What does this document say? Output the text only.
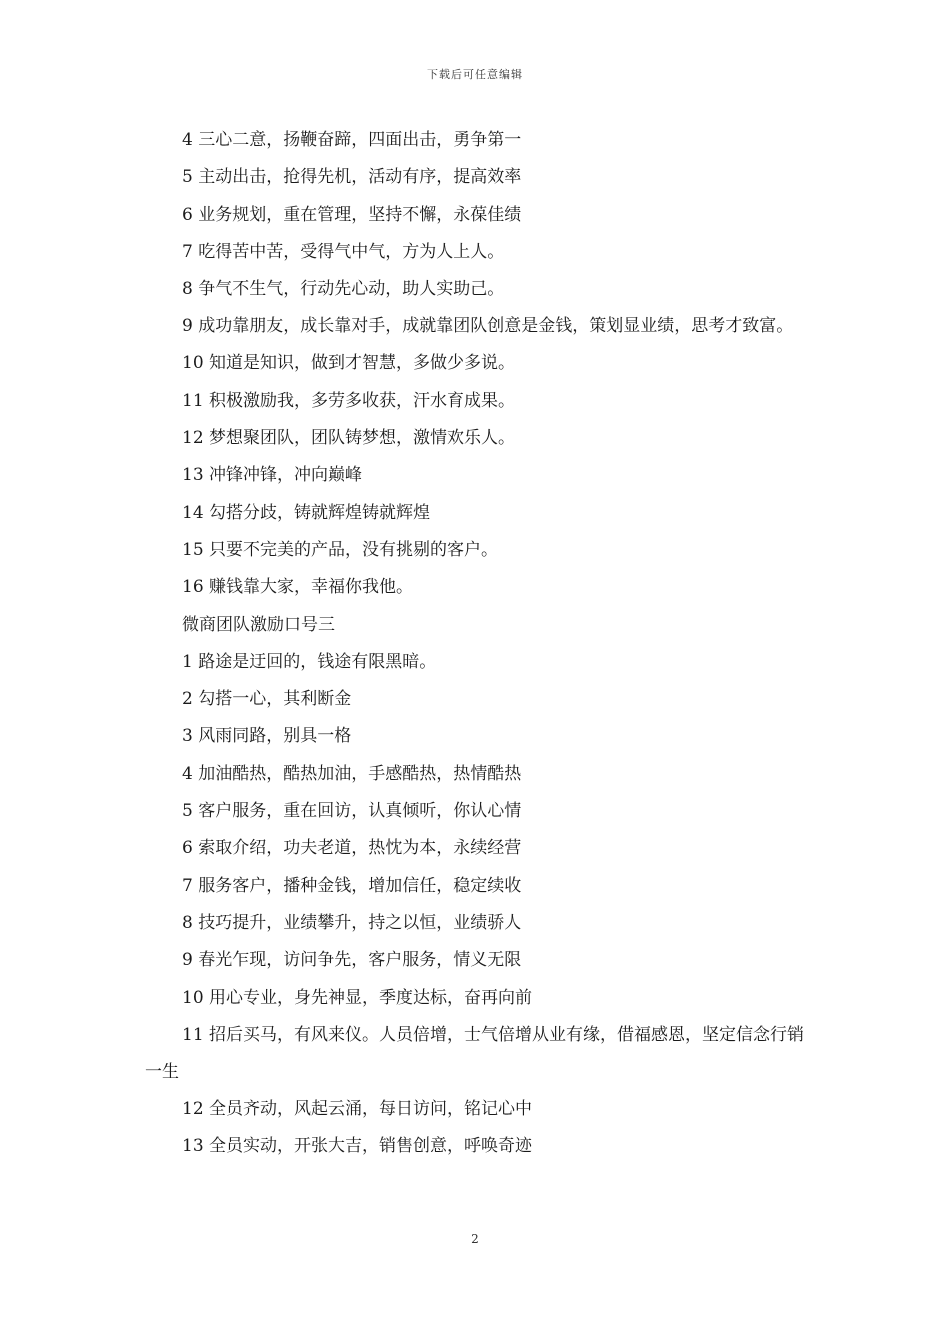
下载后可任意编辑

4 三心二意，扬鞭奋蹄，四面出击，勇争第一

5 主动出击，抢得先机，活动有序，提高效率

6 业务规划，重在管理，坚持不懈，永葆佳绩

7 吃得苦中苦，受得气中气，方为人上人。

8 争气不生气，行动先心动，助人实助己。

9 成功靠朋友，成长靠对手，成就靠团队创意是金钱，策划显业绩，思考才致富。

10 知道是知识，做到才智慧，多做少多说。

11 积极激励我，多劳多收获，汗水育成果。

12 梦想聚团队，团队铸梦想，激情欢乐人。

13 冲锋冲锋，冲向巅峰

14 勾搭分歧，铸就辉煌铸就辉煌

15 只要不完美的产品，没有挑剔的客户。

16 赚钱靠大家，幸福你我他。

微商团队激励口号三

1 路途是迂回的，钱途有限黑暗。

2 勾搭一心，其利断金

3 风雨同路，别具一格

4 加油酷热，酷热加油，手感酷热，热情酷热

5 客户服务，重在回访，认真倾听，你认心情

6 索取介绍，功夫老道，热忱为本，永续经营

7 服务客户，播种金钱，增加信任，稳定续收

8 技巧提升，业绩攀升，持之以恒，业绩骄人

9 春光乍现，访问争先，客户服务，情义无限

10 用心专业，身先神显，季度达标，奋再向前

11 招后买马，有风来仪。人员倍增，士气倍增从业有缘，借福感恩，坚定信念行销一生

12 全员齐动，风起云涌，每日访问，铭记心中

13 全员实动，开张大吉，销售创意，呼唤奇迹

2
